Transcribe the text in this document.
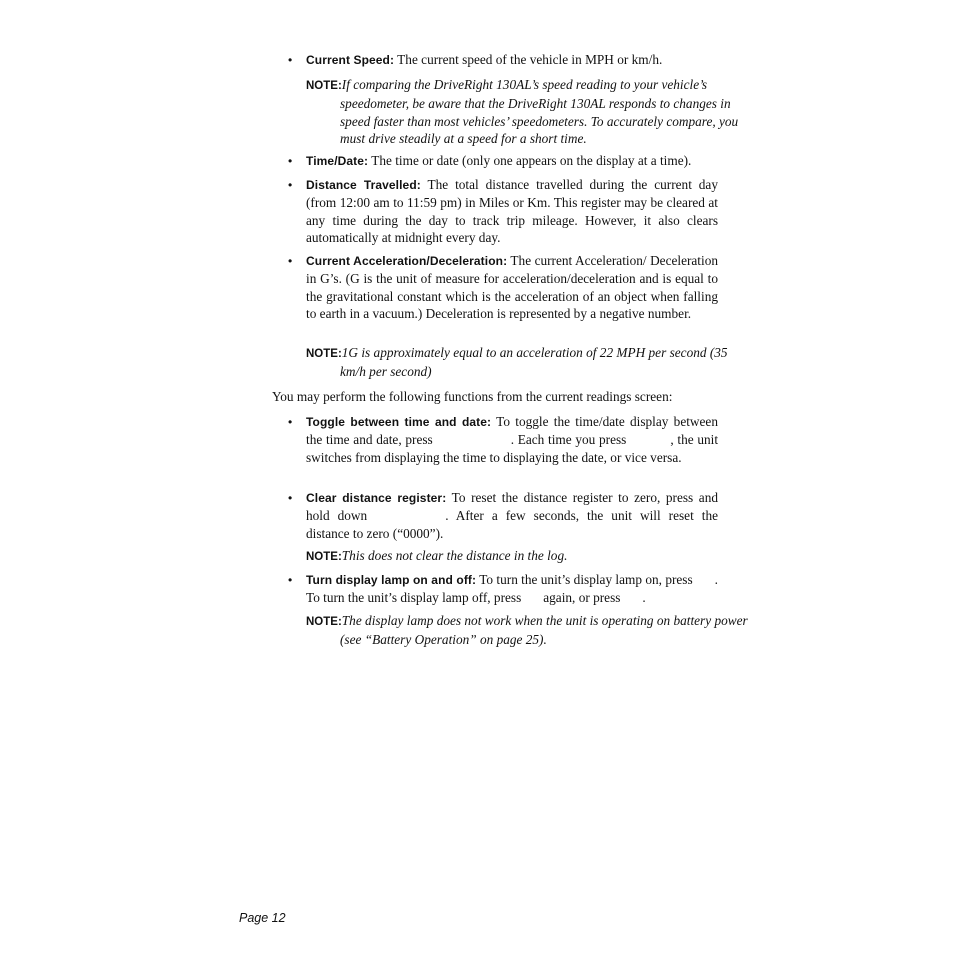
• Current Speed: The current speed of the vehicle in MPH or km/h.
NOTE:If comparing the DriveRight 130AL’s speed reading to your vehicle’s speedometer, be aware that the DriveRight 130AL responds to changes in speed faster than most vehicles’ speedometers. To accurately compare, you must drive steadily at a speed for a short time.
• Time/Date: The time or date (only one appears on the display at a time).
• Distance Travelled: The total distance travelled during the current day (from 12:00 am to 11:59 pm) in Miles or Km. This register may be cleared at any time during the day to track trip mileage. However, it also clears automatically at midnight every day.
• Current Acceleration/Deceleration: The current Acceleration/ Deceleration in G’s. (G is the unit of measure for acceleration/deceleration and is equal to the gravitational constant which is the acceleration of an object when falling to earth in a vacuum.) Deceleration is represented by a negative number.
NOTE:1G is approximately equal to an acceleration of 22 MPH per second (35 km/h per second)
You may perform the following functions from the current readings screen:
• Toggle between time and date: To toggle the time/date display between the time and date, press	. Each time you press	, the unit switches from displaying the time to displaying the date, or vice versa.
• Clear distance register: To reset the distance register to zero, press and hold down	. After a few seconds, the unit will reset the distance to zero (“0000”).
NOTE:This does not clear the distance in the log.
• Turn display lamp on and off: To turn the unit’s display lamp on, press . To turn the unit’s display lamp off, press again, or press .
NOTE:The display lamp does not work when the unit is operating on battery power (see “Battery Operation” on page 25).
Page 12
